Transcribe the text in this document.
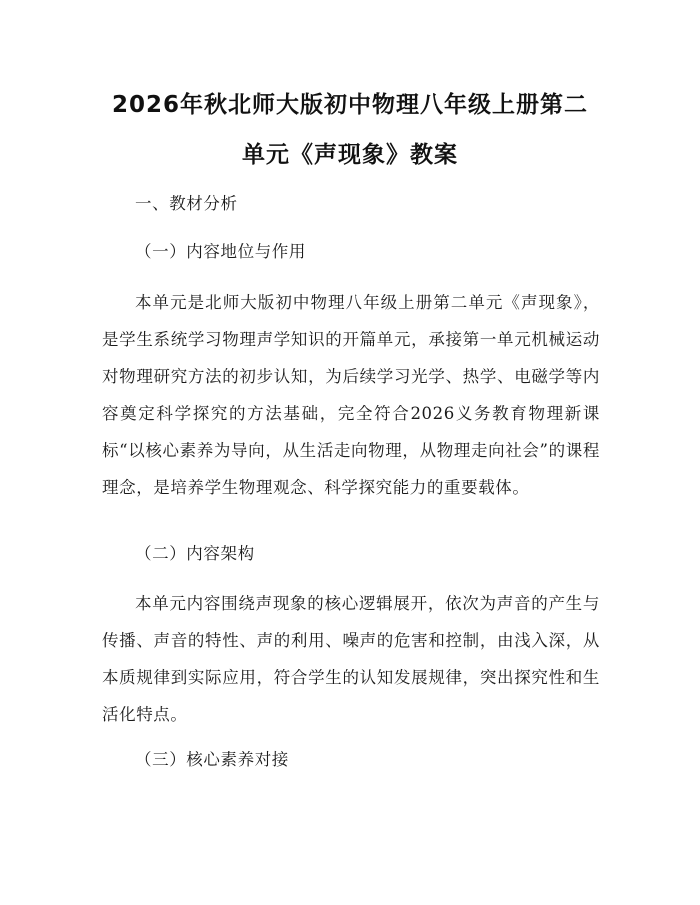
2026年秋北师大版初中物理八年级上册第二
单元《声现象》教案
一、教材分析
（一）内容地位与作用
本单元是北师大版初中物理八年级上册第二单元《声现象》，是学生系统学习物理声学知识的开篇单元，承接第一单元机械运动对物理研究方法的初步认知，为后续学习光学、热学、电磁学等内容奠定科学探究的方法基础，完全符合2026义务教育物理新课标“以核心素养为导向，从生活走向物理，从物理走向社会”的课程理念，是培养学生物理观念、科学探究能力的重要载体。
（二）内容架构
本单元内容围绕声现象的核心逻辑展开，依次为声音的产生与传播、声音的特性、声的利用、噪声的危害和控制，由浅入深，从本质规律到实际应用，符合学生的认知发展规律，突出探究性和生活化特点。
（三）核心素养对接
